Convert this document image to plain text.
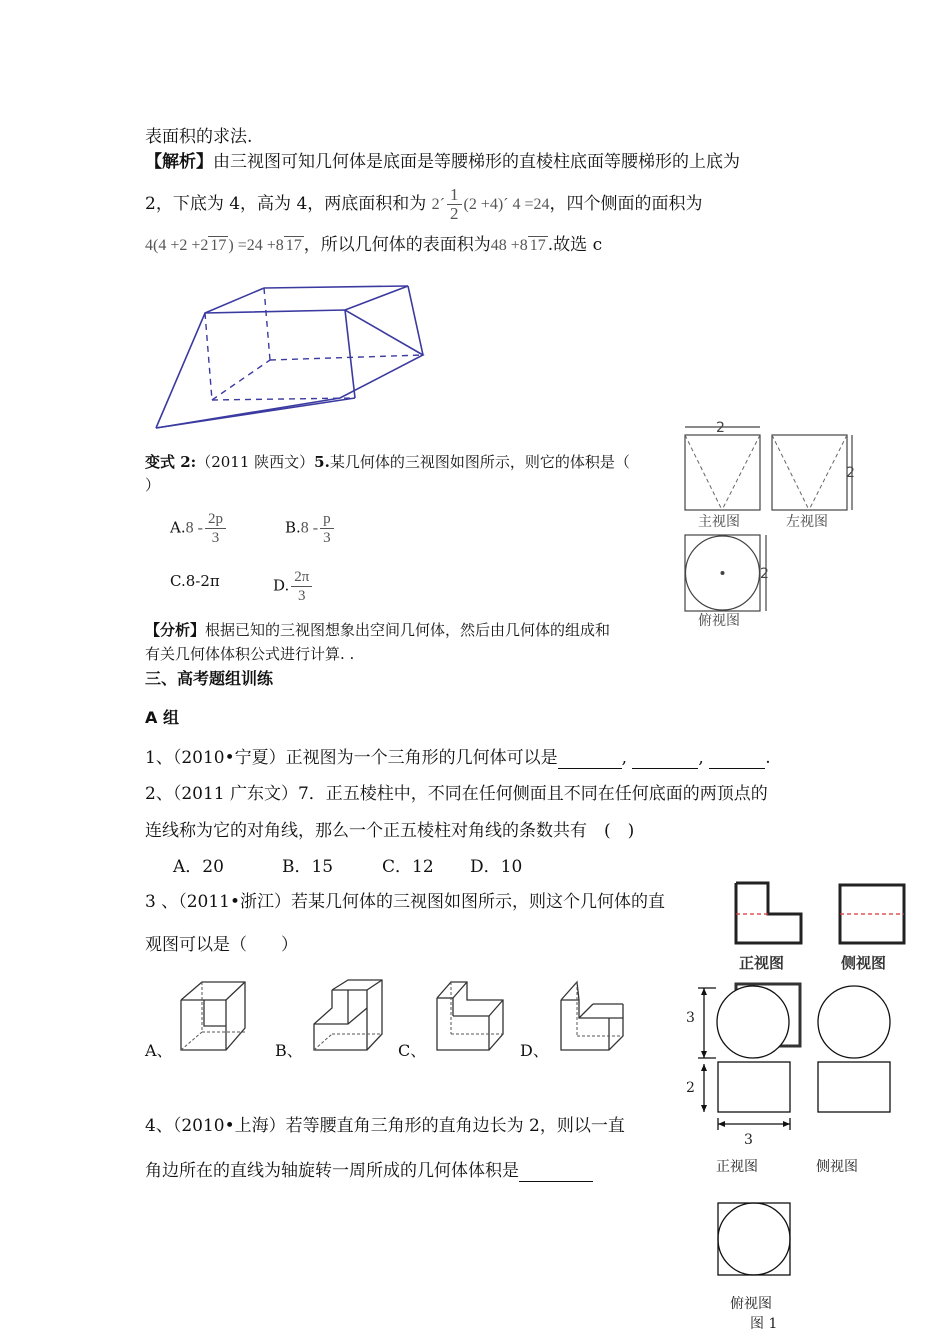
表面积的求法.
【解析】由三视图可知几何体是底面是等腰梯形的直棱柱底面等腰梯形的上底为
2，下底为 4，高为 4，两底面积和为 2´ $\frac{1}{2} (2$ +4)´ 4 =24，四个侧面的面积为
4(4 +2 +2 17 ) =24 +8 17 ，所以几何体的表面积为48 +8 17 .故选 c
变式 2:（2011 陕西文）5.某几何体的三视图如图所示，则它的体积是（
）
$A.8 - \frac{2p}{3}$	$B.8 - \frac{p}{3}$
C.8-2π	D. $\frac{2\pi}{3}$
2
2
2
主视图	左视图
俯视图
【分析】根据已知的三视图想象出空间几何体，然后由几何体的组成和
有关几何体体积公式进行计算. .
三、高考题组训练
A 组
1、（2010•宁夏）正视图为一个三角形的几何体可以是	,	,	.
2、（2011 广东文）7．正五棱柱中，不同在任何侧面且不同在任何底面的两顶点的
连线称为它的对角线，那么一个正五棱柱对角线的条数共有　(　)
A．20	B．15	C．12 D．10
3 、（2011•浙江）若某几何体的三视图如图所示，则这个几何体的直
观图可以是（　　）
正视图	侧视图
A、	B、	C、	D、
4、（2010•上海）若等腰直角三角形的直角边长为 2，则以一直
角边所在的直线为轴旋转一周所成的几何体体积是
3
2
3
正视图	侧视图
俯视图
图 1
